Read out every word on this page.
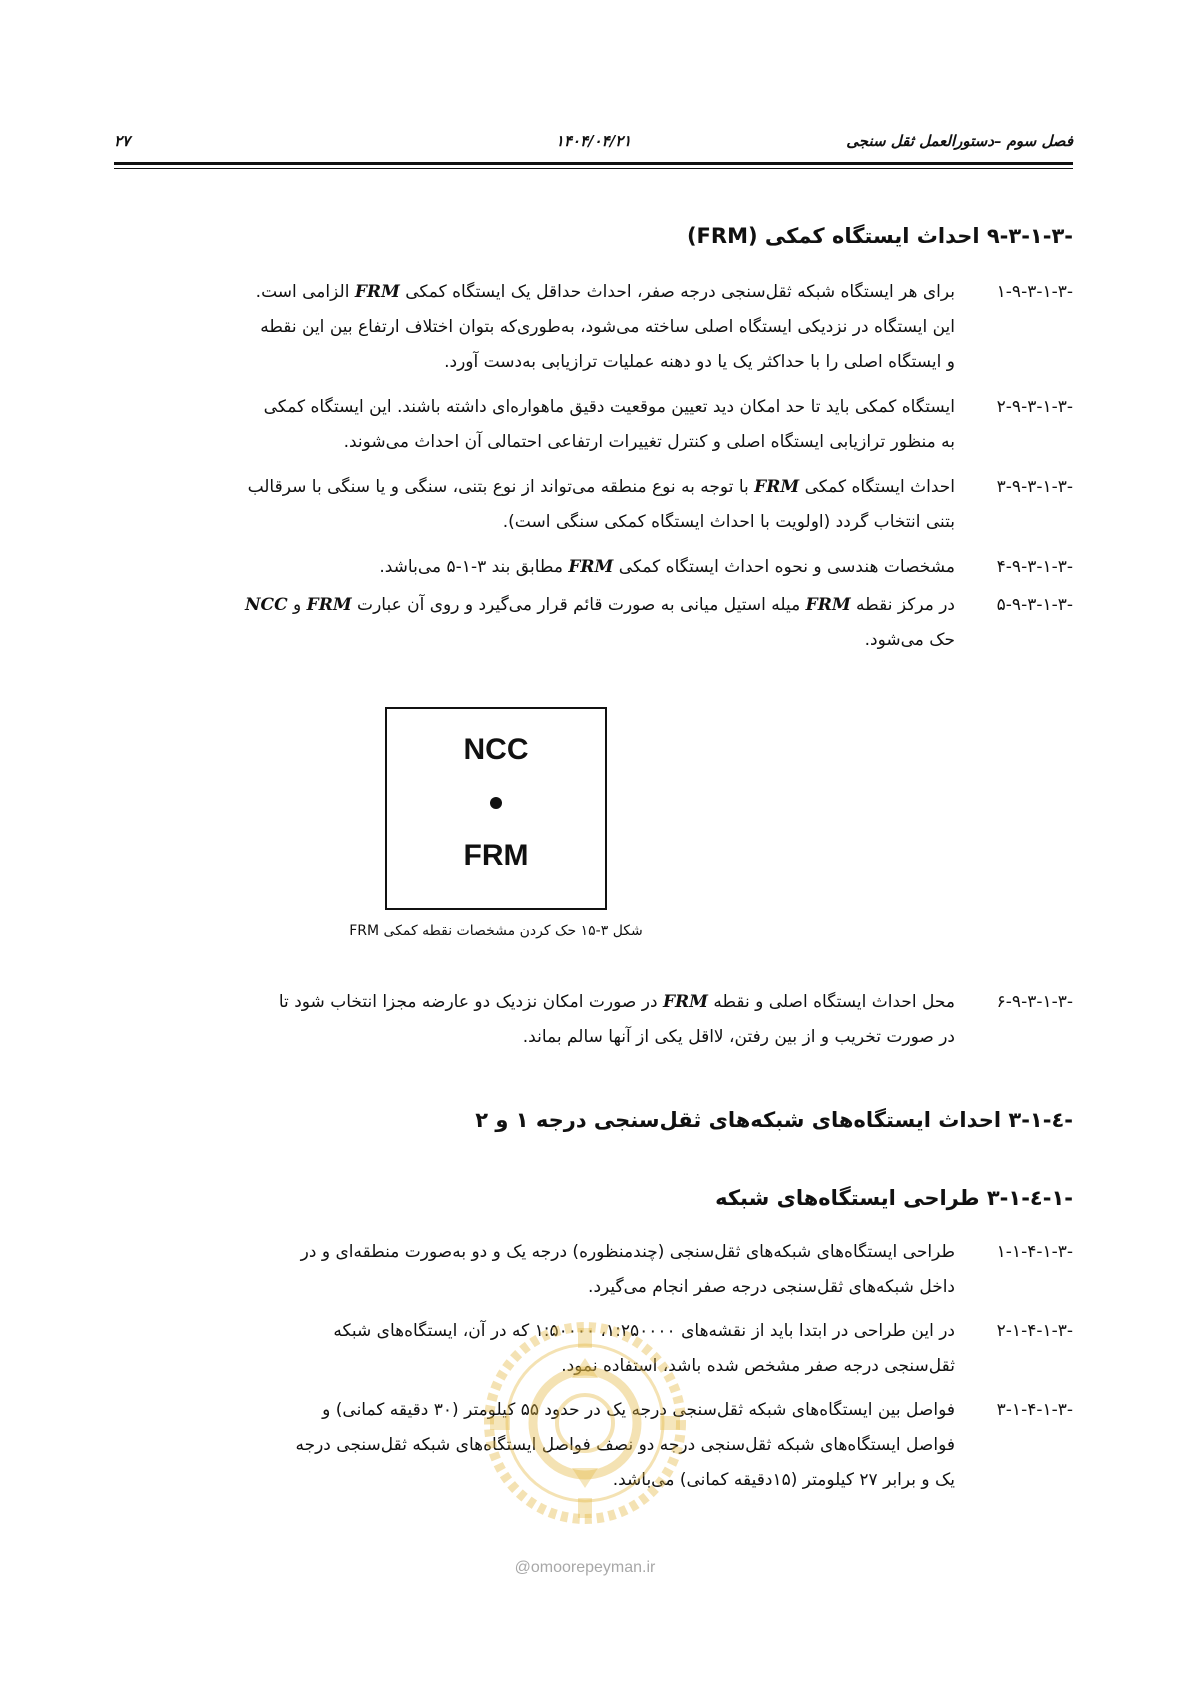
فصل سوم –دستورالعمل ثقل سنجی
۱۴۰۴/۰۴/۲۱
۲۷
۹-۳-۱-۳- احداث ایستگاه کمکی (FRM)
۱-۹-۳-۱-۳-
برای هر ایستگاه شبکه ثقل‌سنجی درجه صفر، احداث حداقل یک ایستگاه کمکی FRM الزامی است.
این ایستگاه در نزدیکی ایستگاه اصلی ساخته می‌شود، به‌طوری‌که بتوان اختلاف ارتفاع بین این نقطه
و ایستگاه اصلی را با حداکثر یک یا دو دهنه عملیات ترازیابی به‌دست آورد.
۲-۹-۳-۱-۳-
ایستگاه کمکی باید تا حد امکان دید تعیین موقعیت دقیق ماهواره‌ای داشته باشند. این ایستگاه کمکی
به منظور ترازیابی ایستگاه اصلی و کنترل تغییرات ارتفاعی احتمالی آن احداث می‌شوند.
۳-۹-۳-۱-۳-
احداث ایستگاه کمکی FRM با توجه به نوع منطقه می‌تواند از نوع بتنی، سنگی و یا سنگی با سرقالب
بتنی انتخاب گردد (اولویت با احداث ایستگاه کمکی سنگی است).
۴-۹-۳-۱-۳-
مشخصات هندسی و نحوه احداث ایستگاه کمکی FRM مطابق بند ۳-۱-۵ می‌باشد.
۵-۹-۳-۱-۳-
در مرکز نقطه FRM میله استیل میانی به صورت قائم قرار می‌گیرد و روی آن عبارت FRM و NCC
حک می‌شود.
NCC
FRM
شکل ۳-۱۵ حک کردن مشخصات نقطه کمکی FRM
۶-۹-۳-۱-۳-
محل احداث ایستگاه اصلی و نقطه FRM در صورت امکان نزدیک دو عارضه مجزا انتخاب شود تا
در صورت تخریب و از بین رفتن، لااقل یکی از آنها سالم بماند.
۳-۱-٤- احداث ایستگاه‌های شبکه‌های ثقل‌سنجی درجه ۱ و ۲
۳-۱-٤-۱- طراحی ایستگاه‌های شبکه
۱-۱-۴-۱-۳-
طراحی ایستگاه‌های شبکه‌های ثقل‌سنجی (چندمنظوره) درجه یک و دو به‌صورت منطقه‌ای و در
داخل شبکه‌های ثقل‌سنجی درجه صفر انجام می‌گیرد.
۲-۱-۴-۱-۳-
در این طراحی در ابتدا باید از نقشه‌های ۱:۲۵۰۰۰۰، ۱:۵۰۰۰۰ که در آن، ایستگاه‌های شبکه
ثقل‌سنجی درجه صفر مشخص شده باشد، استفاده نمود.
۳-۱-۴-۱-۳-
فواصل بین ایستگاه‌های شبکه ثقل‌سنجی درجه یک در حدود ۵۵ کیلومتر (۳۰ دقیقه کمانی) و
فواصل ایستگاه‌های شبکه ثقل‌سنجی درجه دو نصف فواصل ایستگاه‌های شبکه ثقل‌سنجی درجه
یک و برابر ۲۷ کیلومتر (۱۵دقیقه کمانی) می‌باشد.
@omoorepeyman.ir
